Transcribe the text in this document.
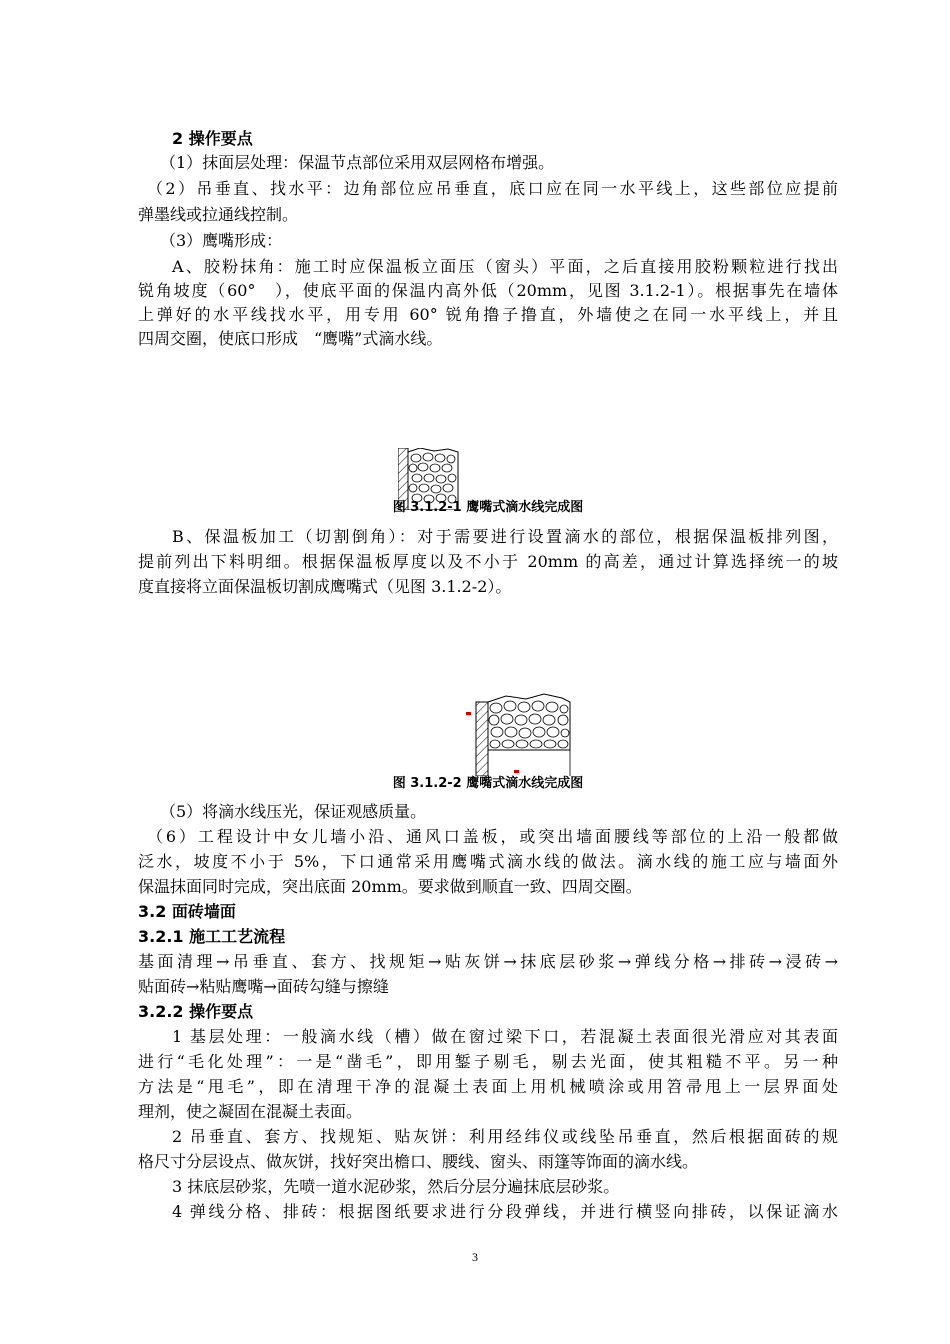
2 操作要点
（1）抹面层处理：保温节点部位采用双层网格布增强。
（2）吊垂直、找水平：边角部位应吊垂直，底口应在同一水平线上，这些部位应提前
弹墨线或拉通线控制。
（3）鹰嘴形成：
A、胶粉抹角：施工时应保温板立面压（窗头）平面，之后直接用胶粉颗粒进行找出
锐角坡度（60°　），使底平面的保温内高外低（20mm，见图 3.1.2-1）。根据事先在墙体
上弹好的水平线找水平，用专用 60° 锐角撸子撸直，外墙使之在同一水平线上，并且
四周交圈，使底口形成　“鹰嘴”式滴水线。
图 3.1.2-1 鹰嘴式滴水线完成图
B、保温板加工（切割倒角）：对于需要进行设置滴水的部位，根据保温板排列图，
提前列出下料明细。根据保温板厚度以及不小于 20mm 的高差，通过计算选择统一的坡
度直接将立面保温板切割成鹰嘴式（见图 3.1.2-2）。
图 3.1.2-2 鹰嘴式滴水线完成图
（5）将滴水线压光，保证观感质量。
（6）工程设计中女儿墙小沿、通风口盖板，或突出墙面腰线等部位的上沿一般都做
泛水，坡度不小于 5%，下口通常采用鹰嘴式滴水线的做法。滴水线的施工应与墙面外
保温抹面同时完成，突出底面 20mm。要求做到顺直一致、四周交圈。
3.2 面砖墙面
3.2.1 施工工艺流程
基面清理→吊垂直、套方、找规矩→贴灰饼→抹底层砂浆→弹线分格→排砖→浸砖→
贴面砖→粘贴鹰嘴→面砖勾缝与擦缝
3.2.2 操作要点
1 基层处理：一般滴水线（槽）做在窗过梁下口，若混凝土表面很光滑应对其表面
进行“毛化处理”：一是“凿毛”，即用錾子剔毛，剔去光面，使其粗糙不平。另一种
方法是“甩毛”，即在清理干净的混凝土表面上用机械喷涂或用笤帚甩上一层界面处
理剂，使之凝固在混凝土表面。
2 吊垂直、套方、找规矩、贴灰饼：利用经纬仪或线坠吊垂直，然后根据面砖的规
格尺寸分层设点、做灰饼，找好突出檐口、腰线、窗头、雨篷等饰面的滴水线。
3 抹底层砂浆，先喷一道水泥砂浆，然后分层分遍抹底层砂浆。
4 弹线分格、排砖：根据图纸要求进行分段弹线，并进行横竖向排砖，以保证滴水
3
